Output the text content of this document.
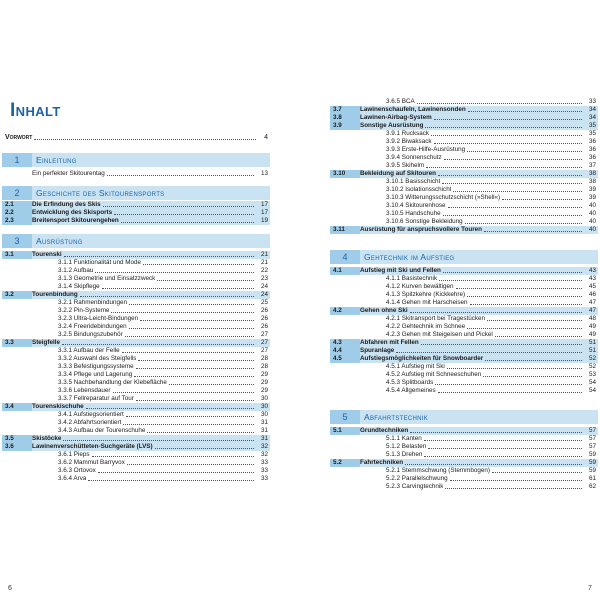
Inhalt
Vorwort	4
1	Einleitung
Ein perfekter Skitourentag	13
2	Geschichte des Skitourensports
2.1	Die Erfindung des Skis	17
2.2	Entwicklung des Skisports	17
2.3	Breitensport Skitourengehen	19
3	Ausrüstung
3.1	Tourenski	21
3.1.1 Funktionalität und Mode	21
3.1.2 Aufbau	22
3.1.3 Geometrie und Einsatzzweck	23
3.1.4 Skipflege	24
3.2	Tourenbindung	24
3.2.1 Rahmenbindungen	25
3.2.2 Pin-Systeme	26
3.2.3 Ultra-Leicht-Bindungen	26
3.2.4 Freeridebindungen	26
3.2.5 Bindungszubehör	27
3.3	Steigfelle	27
3.3.1 Aufbau der Felle	27
3.3.2 Auswahl des Steigfells	28
3.3.3 Befestigungssysteme	28
3.3.4 Pflege und Lagerung	29
3.3.5 Nachbehandlung der Klebefläche	29
3.3.6 Lebensdauer	29
3.3.7 Fellreparatur auf Tour	30
3.4	Tourenskischuhe	30
3.4.1 Aufstiegsorientiert	30
3.4.2 Abfahrtsorientiert	31
3.4.3 Aufbau der Tourenschuhe	31
3.5	Skistöcke	31
3.6	Lawinenverschütteten-Suchgeräte (LVS)	32
3.6.1 Pieps	32
3.6.2 Mammut Barryvox	33
3.6.3 Ortovox	33
3.6.4 Arva	33
3.6.5 BCA	33
3.7	Lawinenschaufeln, Lawinensonden	34
3.8	Lawinen-Airbag-System	34
3.9	Sonstige Ausrüstung	35
3.9.1 Rucksack	35
3.9.2 Biwaksack	36
3.9.3 Erste-Hilfe-Ausrüstung	36
3.9.4 Sonnenschutz	36
3.9.5 Skihelm	37
3.10	Bekleidung auf Skitouren	38
3.10.1 Basisschicht	38
3.10.2 Isolationsschicht	39
3.10.3 Witterungsschutzschicht (»Shell«)	39
3.10.4 Skitourenhose	40
3.10.5 Handschuhe	40
3.10.6 Sonstige Bekleidung	40
3.11	Ausrüstung für anspruchsvollere Touren	40
4	Gehtechnik im Aufstieg
4.1	Aufstieg mit Ski und Fellen	43
4.1.1 Basistechnik	43
4.1.2 Kurven bewältigen	45
4.1.3 Spitzkehre (Kickkehre)	46
4.1.4 Gehen mit Harscheisen	47
4.2	Gehen ohne Ski	47
4.2.1 Skitransport bei Tragestücken	48
4.2.2 Gehtechnik im Schnee	49
4.2.3 Gehen mit Steigeisen und Pickel	49
4.3	Abfahren mit Fellen	51
4.4	Spuranlage	51
4.5	Aufstiegsmöglichkeiten für Snowboarder	52
4.5.1 Aufstieg mit Ski	52
4.5.2 Aufstieg mit Schneeschuhen	53
4.5.3 Splitboards	54
4.5.4 Allgemeines	54
5	Abfahrtstechnik
5.1	Grundtechniken	57
5.1.1 Kanten	57
5.1.2 Belasten	57
5.1.3 Drehen	59
5.2	Fahrtechniken	59
5.2.1 Stemmschwung (Stemmbogen)	59
5.2.2 Parallelschwung	61
5.2.3 Carvingtechnik	62
6	7
